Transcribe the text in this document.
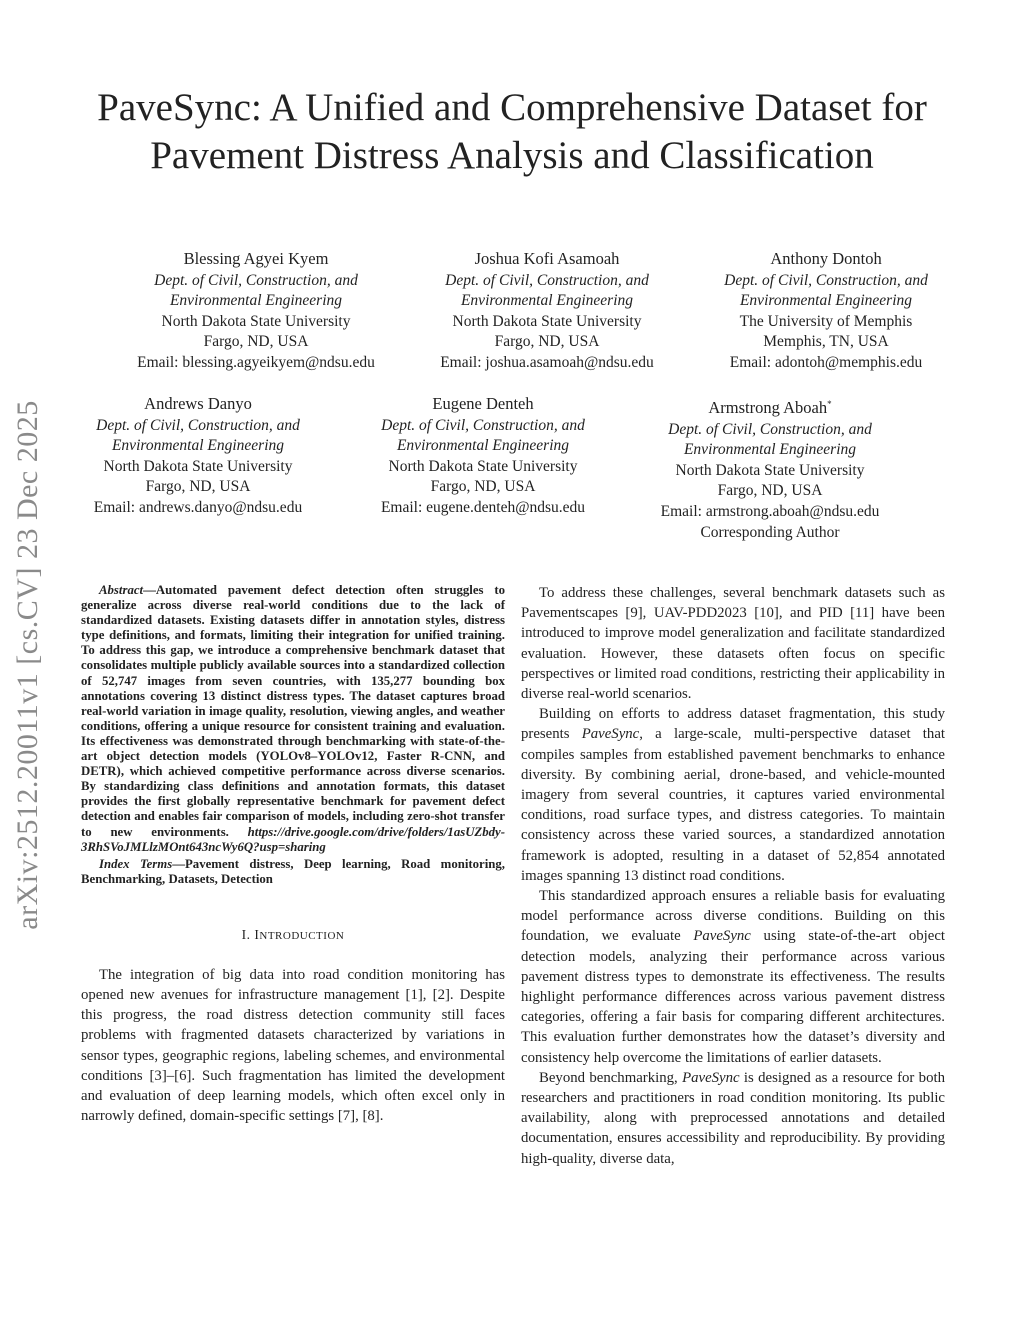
arXiv:2512.20011v1 [cs.CV] 23 Dec 2025
PaveSync: A Unified and Comprehensive Dataset for
Pavement Distress Analysis and Classification
Blessing Agyei Kyem
Dept. of Civil, Construction, and
Environmental Engineering
North Dakota State University
Fargo, ND, USA
Email: blessing.agyeikyem@ndsu.edu
Joshua Kofi Asamoah
Dept. of Civil, Construction, and
Environmental Engineering
North Dakota State University
Fargo, ND, USA
Email: joshua.asamoah@ndsu.edu
Anthony Dontoh
Dept. of Civil, Construction, and
Environmental Engineering
The University of Memphis
Memphis, TN, USA
Email: adontoh@memphis.edu
Andrews Danyo
Dept. of Civil, Construction, and
Environmental Engineering
North Dakota State University
Fargo, ND, USA
Email: andrews.danyo@ndsu.edu
Eugene Denteh
Dept. of Civil, Construction, and
Environmental Engineering
North Dakota State University
Fargo, ND, USA
Email: eugene.denteh@ndsu.edu
Armstrong Aboah*
Dept. of Civil, Construction, and
Environmental Engineering
North Dakota State University
Fargo, ND, USA
Email: armstrong.aboah@ndsu.edu
Corresponding Author

Abstract—Automated pavement defect detection often struggles to generalize across diverse real-world conditions due to the lack of standardized datasets. Existing datasets differ in annotation styles, distress type definitions, and formats, limiting their integration for unified training. To address this gap, we introduce a comprehensive benchmark dataset that consolidates multiple publicly available sources into a standardized collection of 52,747 images from seven countries, with 135,277 bounding box annotations covering 13 distinct distress types. The dataset captures broad real-world variation in image quality, resolution, viewing angles, and weather conditions, offering a unique resource for consistent training and evaluation. Its effectiveness was demonstrated through benchmarking with state-of-the-art object detection models (YOLOv8–YOLOv12, Faster R-CNN, and DETR), which achieved competitive performance across diverse scenarios. By standardizing class definitions and annotation formats, this dataset provides the first globally representative benchmark for pavement defect detection and enables fair comparison of models, including zero-shot transfer to new environments. https://drive.google.com/drive/folders/1asUZbdy-3RhSVoJMLlzMOnt643ncWy6Q?usp=sharing

Index Terms—Pavement distress, Deep learning, Road monitoring, Benchmarking, Datasets, Detection

I. INTRODUCTION

The integration of big data into road condition monitoring has opened new avenues for infrastructure management [1], [2]. Despite this progress, the road distress detection community still faces problems with fragmented datasets characterized by variations in sensor types, geographic regions, labeling schemes, and environmental conditions [3]–[6]. Such fragmentation has limited the development and evaluation of deep learning models, which often excel only in narrowly defined, domain-specific settings [7], [8].

To address these challenges, several benchmark datasets such as Pavementscapes [9], UAV-PDD2023 [10], and PID [11] have been introduced to improve model generalization and facilitate standardized evaluation. However, these datasets often focus on specific perspectives or limited road conditions, restricting their applicability in diverse real-world scenarios.

Building on efforts to address dataset fragmentation, this study presents PaveSync, a large-scale, multi-perspective dataset that compiles samples from established pavement benchmarks to enhance diversity. By combining aerial, drone-based, and vehicle-mounted imagery from several countries, it captures varied environmental conditions, road surface types, and distress categories. To maintain consistency across these varied sources, a standardized annotation framework is adopted, resulting in a dataset of 52,854 annotated images spanning 13 distinct road conditions.

This standardized approach ensures a reliable basis for evaluating model performance across diverse conditions. Building on this foundation, we evaluate PaveSync using state-of-the-art object detection models, analyzing their performance across various pavement distress types to demonstrate its effectiveness. The results highlight performance differences across various pavement distress categories, offering a fair basis for comparing different architectures. This evaluation further demonstrates how the dataset’s diversity and consistency help overcome the limitations of earlier datasets.

Beyond benchmarking, PaveSync is designed as a resource for both researchers and practitioners in road condition monitoring. Its public availability, along with preprocessed annotations and detailed documentation, ensures accessibility and reproducibility. By providing high-quality, diverse data,
